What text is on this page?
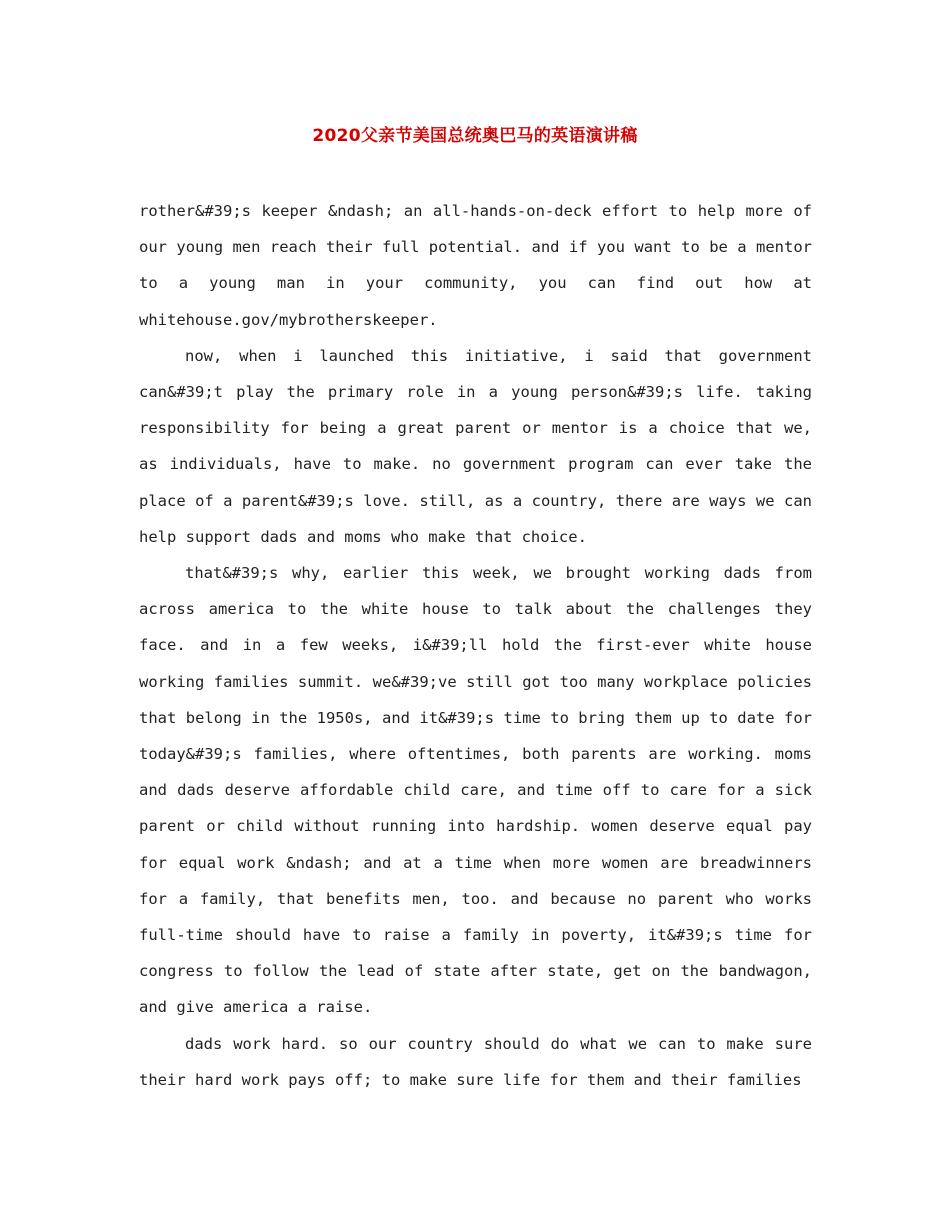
2020父亲节美国总统奥巴马的英语演讲稿

rother&#39;s keeper &ndash; an all-hands-on-deck effort to help more of our young men reach their full potential. and if you want to be a mentor to a young man in your community, you can find out how at whitehouse.gov/mybrotherskeeper.

now, when i launched this initiative, i said that government can&#39;t play the primary role in a young person&#39;s life. taking responsibility for being a great parent or mentor is a choice that we, as individuals, have to make. no government program can ever take the place of a parent&#39;s love. still, as a country, there are ways we can help support dads and moms who make that choice.

that&#39;s why, earlier this week, we brought working dads from across america to the white house to talk about the challenges they face. and in a few weeks, i&#39;ll hold the first-ever white house working families summit. we&#39;ve still got too many workplace policies that belong in the 1950s, and it&#39;s time to bring them up to date for today&#39;s families, where oftentimes, both parents are working. moms and dads deserve affordable child care, and time off to care for a sick parent or child without running into hardship. women deserve equal pay for equal work &ndash; and at a time when more women are breadwinners for a family, that benefits men, too. and because no parent who works full-time should have to raise a family in poverty, it&#39;s time for congress to follow the lead of state after state, get on the bandwagon, and give america a raise.

dads work hard. so our country should do what we can to make sure their hard work pays off; to make sure life for them and their families
